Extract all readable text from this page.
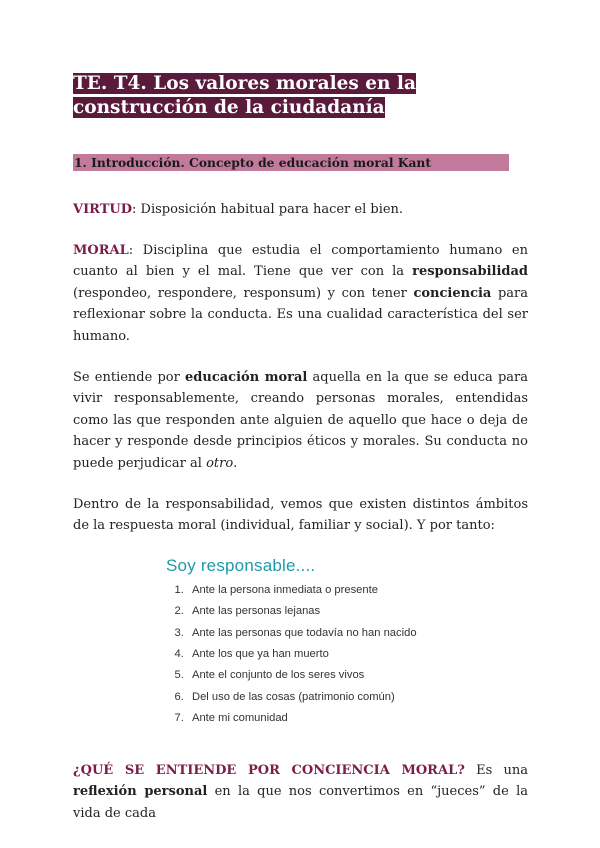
TE. T4. Los valores morales en la construcción de la ciudadanía
1. Introducción. Concepto de educación moral Kant

VIRTUD: Disposición habitual para hacer el bien.

MORAL: Disciplina que estudia el comportamiento humano en cuanto al bien y el mal. Tiene que ver con la responsabilidad (respondeo, respondere, responsum) y con tener conciencia para reflexionar sobre la conducta. Es una cualidad característica del ser humano.

Se entiende por educación moral aquella en la que se educa para vivir responsablemente, creando personas morales, entendidas como las que responden ante alguien de aquello que hace o deja de hacer y responde desde principios éticos y morales. Su conducta no puede perjudicar al otro.

Dentro de la responsabilidad, vemos que existen distintos ámbitos de la respuesta moral (individual, familiar y social). Y por tanto:

Soy responsable....
1. Ante la persona inmediata o presente
2. Ante las personas lejanas
3. Ante las personas que todavía no han nacido
4. Ante los que ya han muerto
5. Ante el conjunto de los seres vivos
6. Del uso de las cosas (patrimonio común)
7. Ante mi comunidad

¿QUÉ SE ENTIENDE POR CONCIENCIA MORAL? Es una reflexión personal en la que nos convertimos en “jueces” de la vida de cada
